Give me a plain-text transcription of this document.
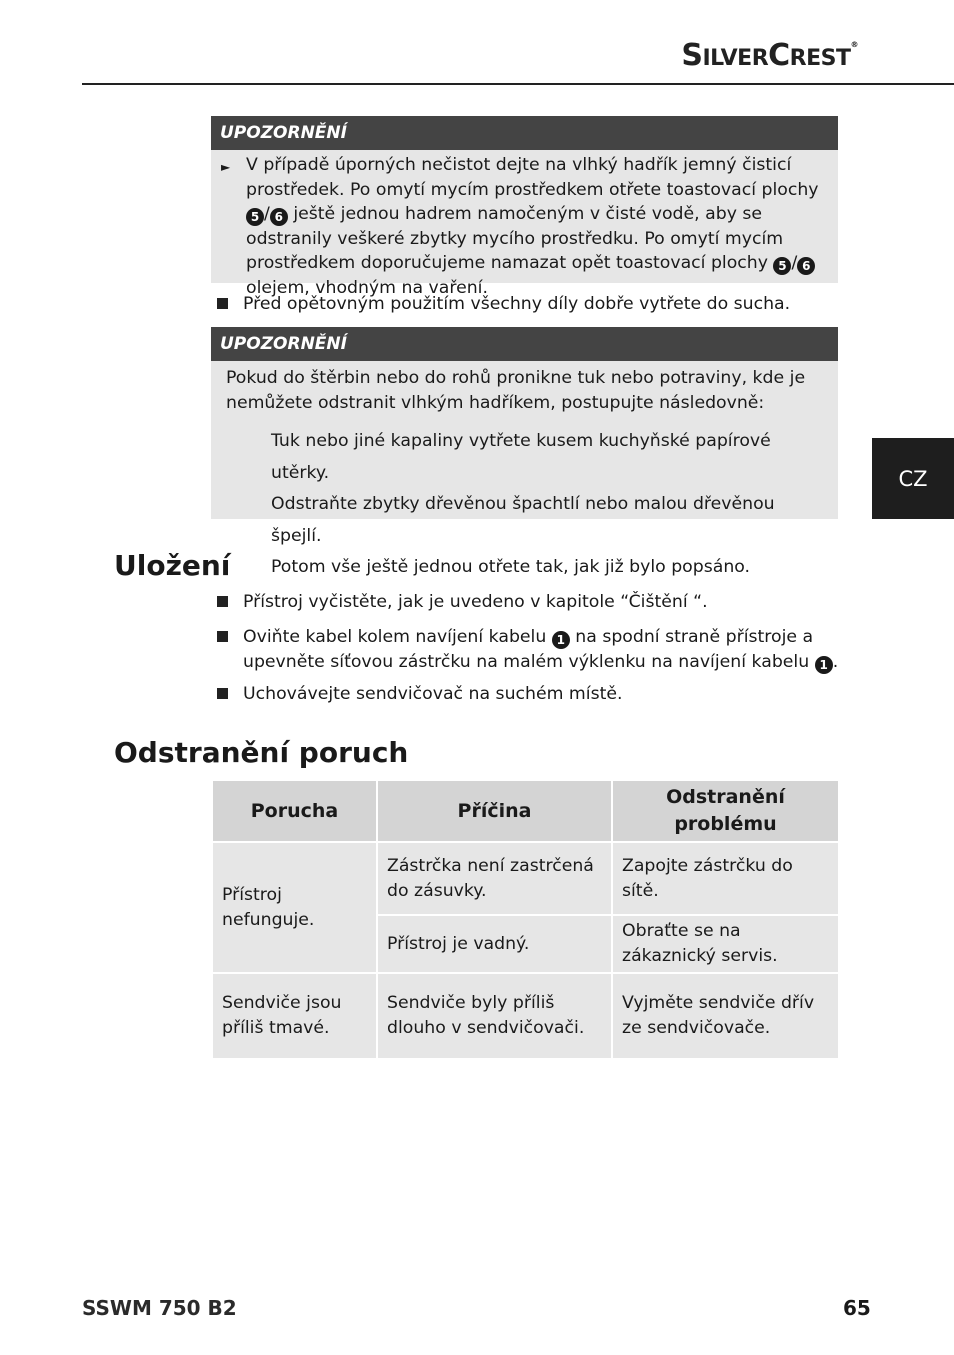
SILVERCREST®
CZ
UPOZORNĚNÍ
► V případě úporných nečistot dejte na vlhký hadřík jemný čisticí prostředek. Po omytí mycím prostředkem otřete toastovací plochy 5 / 6 ještě jednou hadrem namočeným v čisté vodě, aby se odstranily veškeré zbytky mycího prostředku. Po omytí mycím prostředkem doporučujeme namazat opět toastovací plochy 5 / 6 olejem, vhodným na vaření.
Před opětovným použitím všechny díly dobře vytřete do sucha.
UPOZORNĚNÍ
Pokud do štěrbin nebo do rohů pronikne tuk nebo potraviny, kde je nemůžete odstranit vlhkým hadříkem, postupujte následovně:
Tuk nebo jiné kapaliny vytřete kusem kuchyňské papírové utěrky.
Odstraňte zbytky dřevěnou špachtlí nebo malou dřevěnou špejlí.
Potom vše ještě jednou otřete tak, jak již bylo popsáno.
Uložení
Přístroj vyčistěte, jak je uvedeno v kapitole “Čištění “.
Oviňte kabel kolem navíjení kabelu 1 na spodní straně přístroje a upevněte síťovou zástrčku na malém výklenku na navíjení kabelu 1 .
Uchovávejte sendvičovač na suchém místě.
Odstranění poruch
Porucha	Příčina	Odstranění problému
Přístroj nefunguje.	Zástrčka není zastrčená do zásuvky.	Zapojte zástrčku do sítě.
	Přístroj je vadný.	Obraťte se na zákaznický servis.
Sendviče jsou příliš tmavé.	Sendviče byly příliš dlouho v sendvičovači.	Vyjměte sendviče dřív ze sendvičovače.
SSWM 750 B2	65
